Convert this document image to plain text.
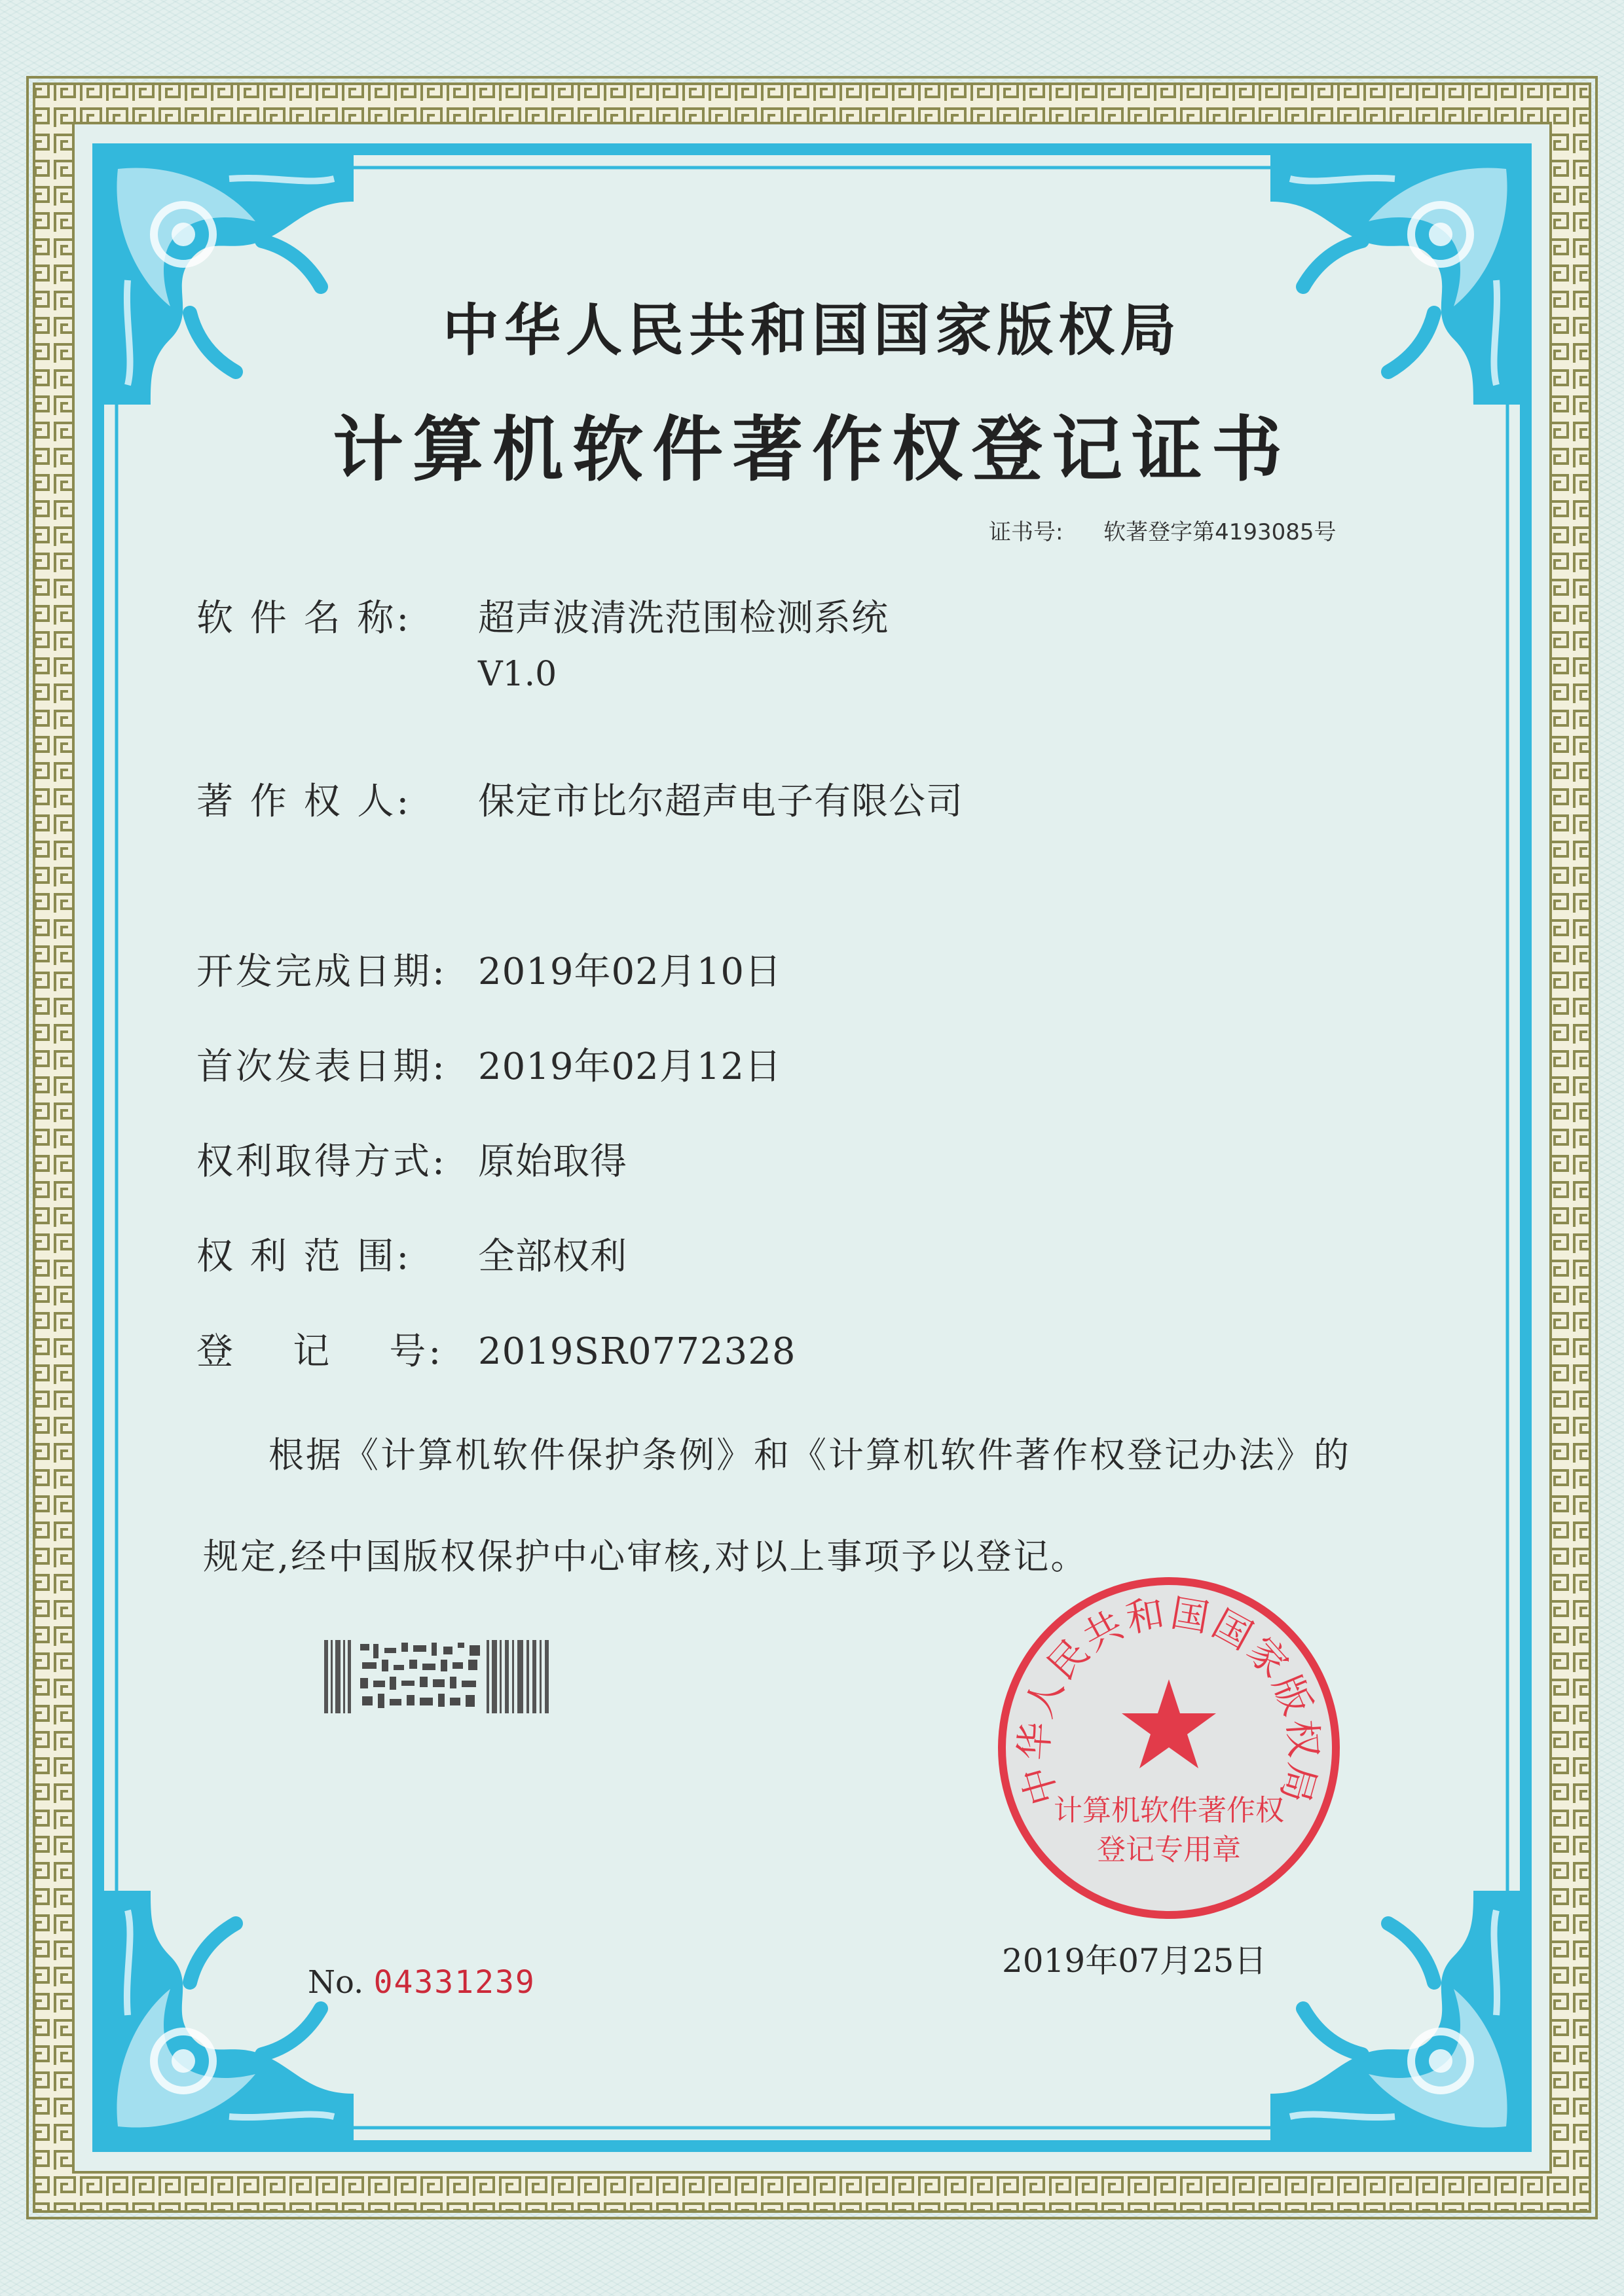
中华人民共和国国家版权局
计算机软件著作权登记证书
证书号: 软著登字第4193085号
软 件 名 称: 超声波清洗范围检测系统
V1.0
著 作 权 人: 保定市比尔超声电子有限公司
开发完成日期: 2019年02月10日
首次发表日期: 2019年02月12日
权利取得方式: 原始取得
权 利 范 围: 全部权利
登    记    号: 2019SR0772328
根据《计算机软件保护条例》和《计算机软件著作权登记办法》的
规定,经中国版权保护中心审核,对以上事项予以登记。
No. 04331239
2019年07月25日
中华人民共和国国家版权局
计算机软件著作权
登记专用章
